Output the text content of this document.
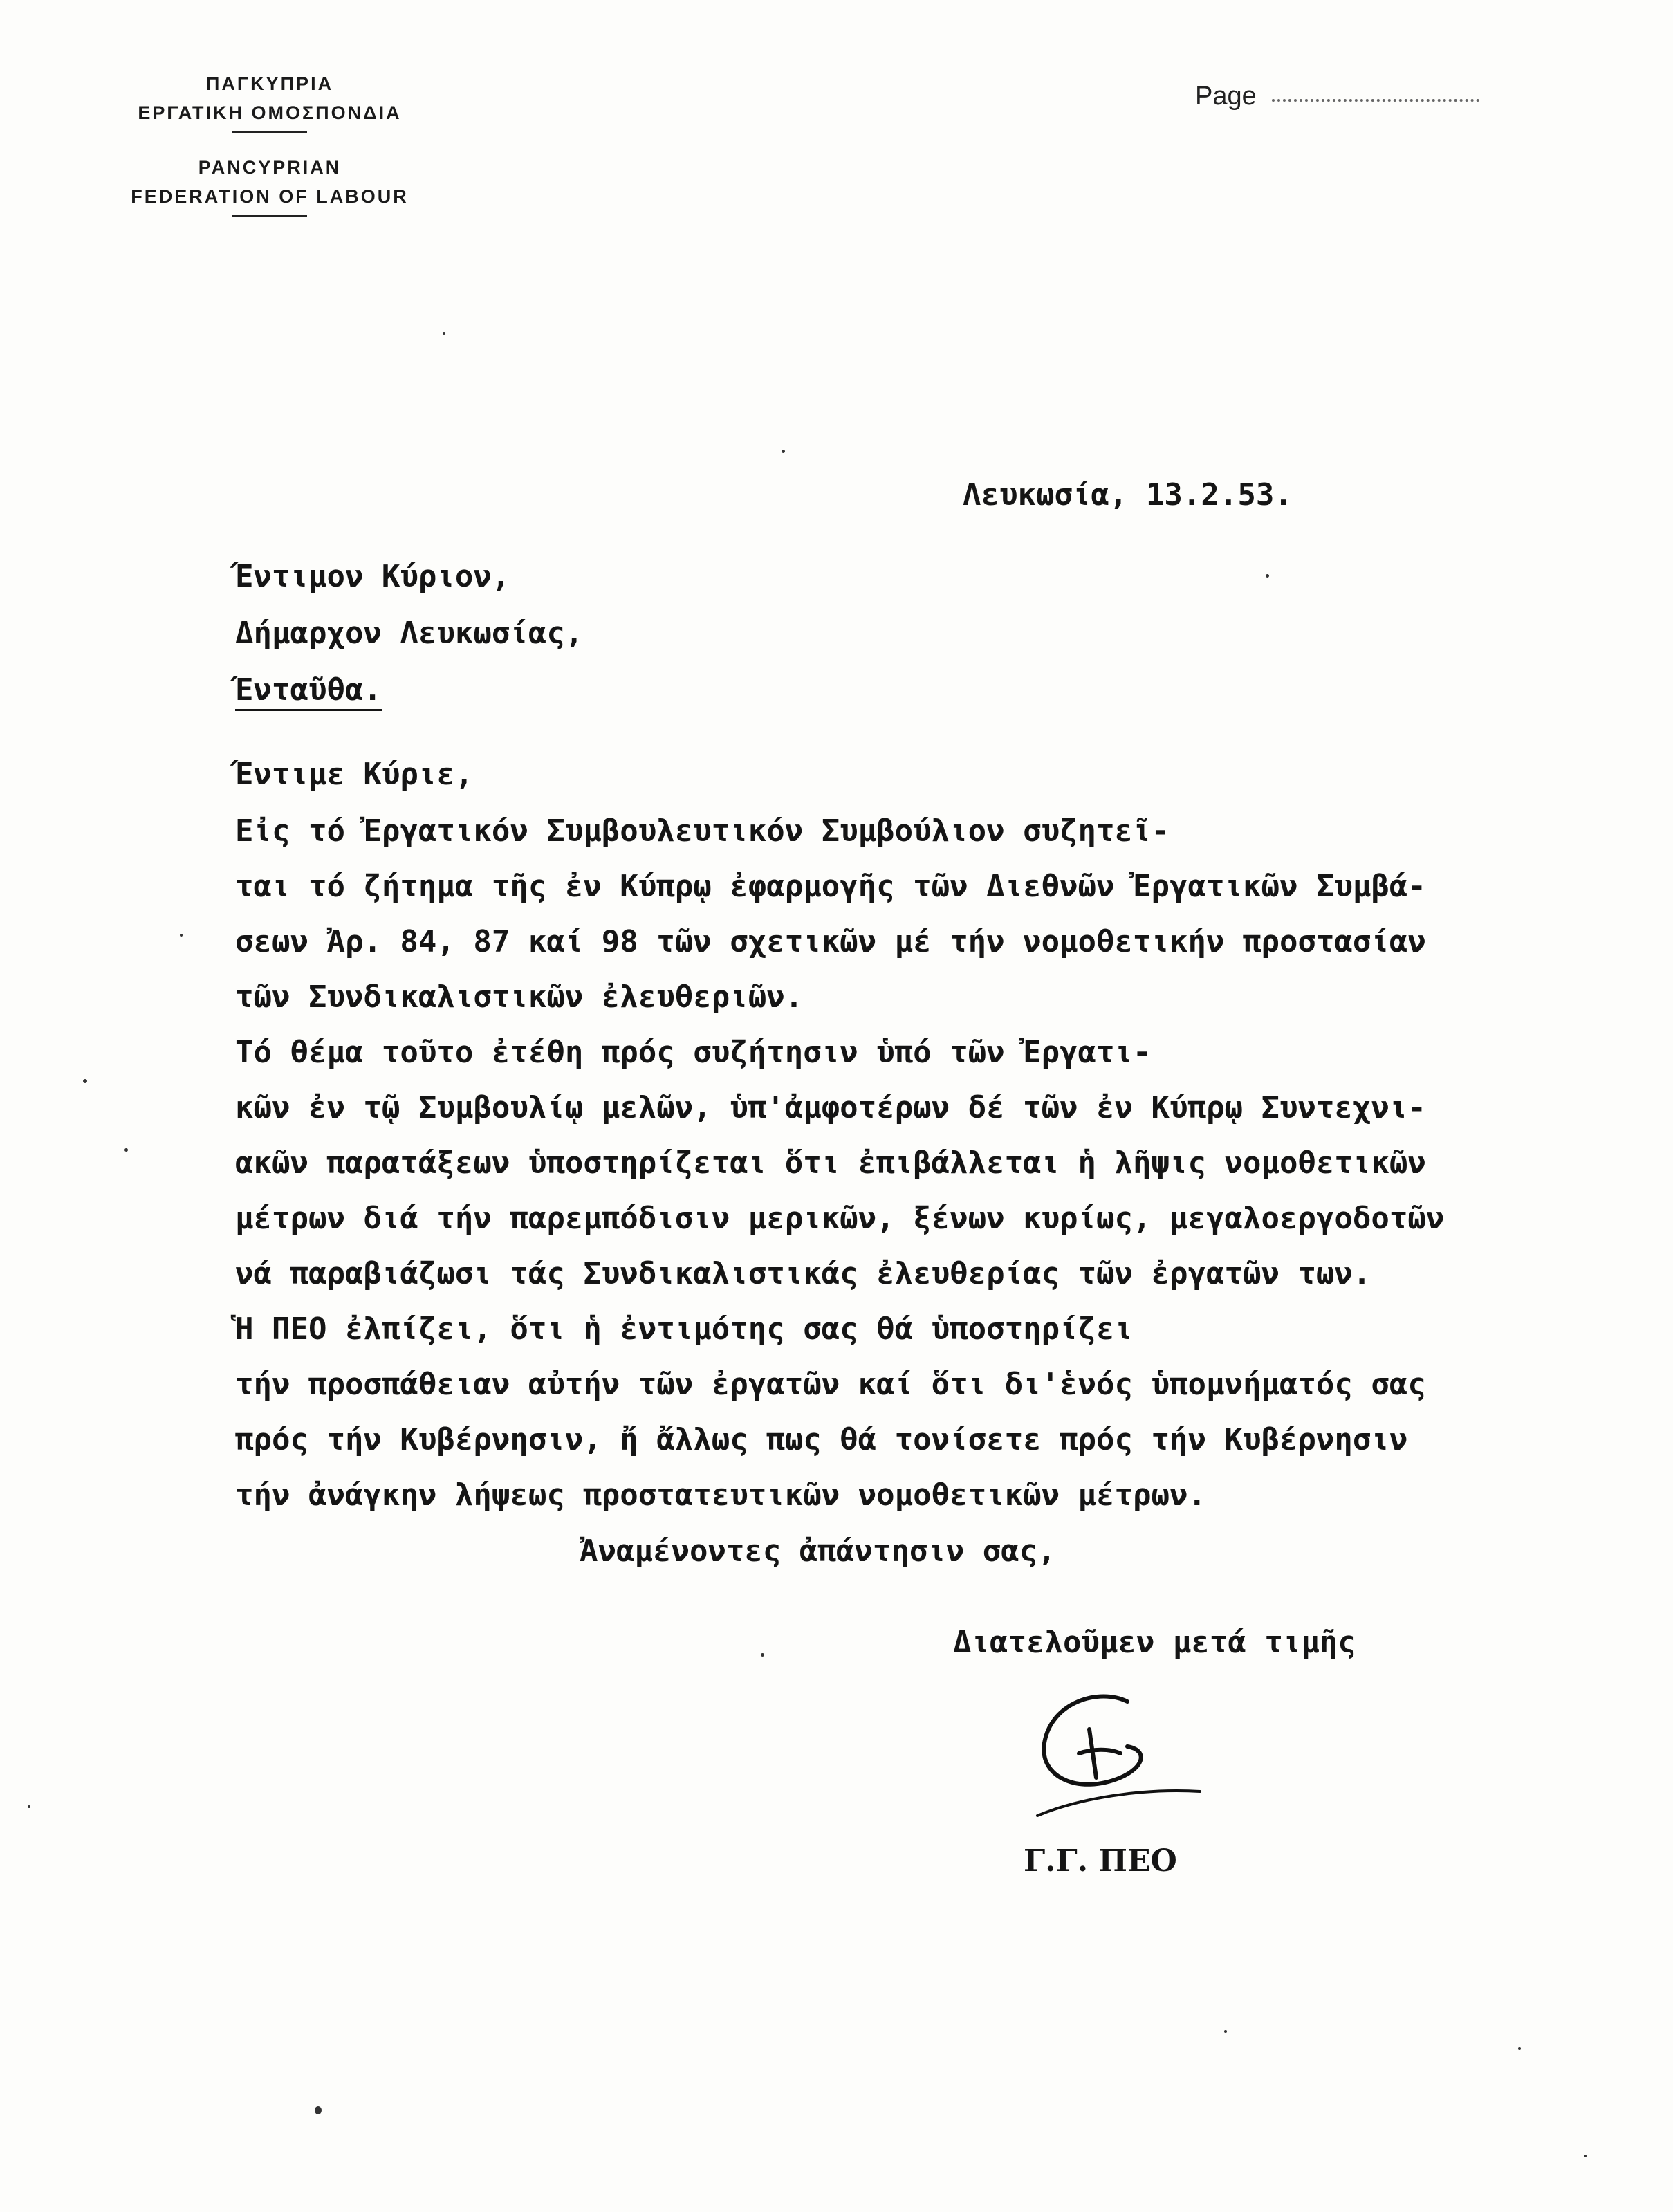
ΠΑΓΚΥΠΡΙΑ
ΕΡΓΑΤΙΚΗ ΟΜΟΣΠΟΝΔΙΑ
PANCYPRIAN
FEDERATION OF LABOUR
Page
Λευκωσία, 13.2.53.
Έντιμον Κύριον,
Δήμαρχον Λευκωσίας,
Ένταῦθα.
Έντιμε Κύριε,
Εἰς τό Ἐργατικόν Συμβουλευτικόν Συμβούλιον συζητεῖ-
ται τό ζήτημα τῆς ἐν Κύπρῳ ἐφαρμογῆς τῶν Διεθνῶν Ἐργατικῶν Συμβά-
σεων Ἀρ. 84, 87 καί 98 τῶν σχετικῶν μέ τήν νομοθετικήν προστασίαν
τῶν Συνδικαλιστικῶν ἐλευθεριῶν.
Τό θέμα τοῦτο ἐτέθη πρός συζήτησιν ὑπό τῶν Ἐργατι-
κῶν ἐν τῷ Συμβουλίῳ μελῶν, ὑπ'ἀμφοτέρων δέ τῶν ἐν Κύπρῳ Συντεχνι-
ακῶν παρατάξεων ὑποστηρίζεται ὅτι ἐπιβάλλεται ἡ λῆψις νομοθετικῶν
μέτρων διά τήν παρεμπόδισιν μερικῶν, ξένων κυρίως, μεγαλοεργοδοτῶν
νά παραβιάζωσι τάς Συνδικαλιστικάς ἐλευθερίας τῶν ἐργατῶν των.
Ἡ ΠΕΟ ἐλπίζει, ὅτι ἡ ἐντιμότης σας θά ὑποστηρίζει
τήν προσπάθειαν αὐτήν τῶν ἐργατῶν καί ὅτι δι'ἑνός ὑπομνήματός σας
πρός τήν Κυβέρνησιν, ἤ ἄλλως πως θά τονίσετε πρός τήν Κυβέρνησιν
τήν ἀνάγκην λήψεως προστατευτικῶν νομοθετικῶν μέτρων.
Ἀναμένοντες ἀπάντησιν σας,
Διατελοῦμεν μετά τιμῆς
Γ.Γ. ΠΕΟ
